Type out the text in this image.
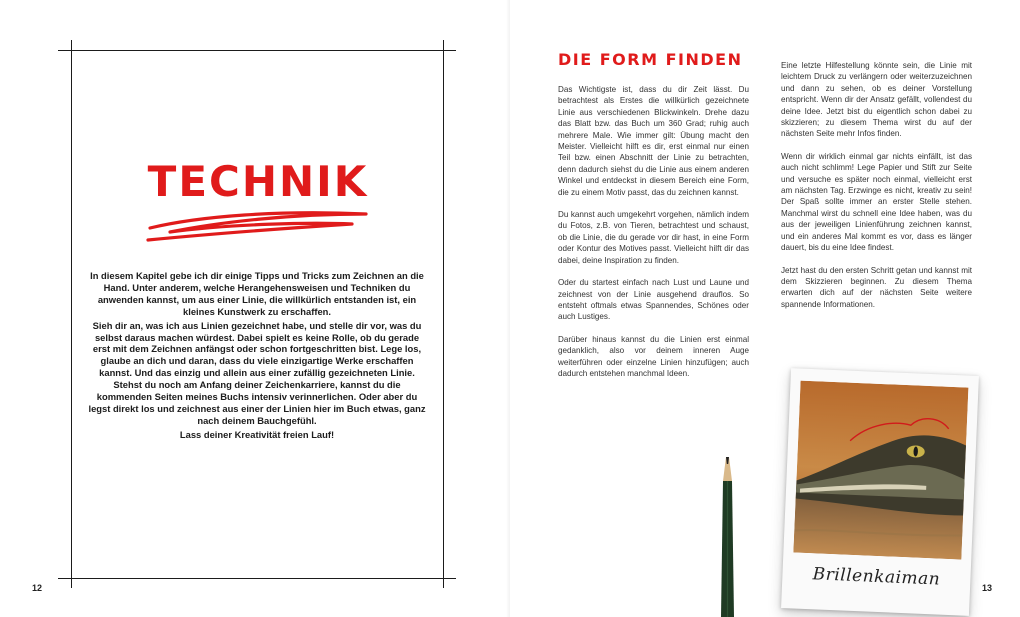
TECHNIK

In diesem Kapitel gebe ich dir einige Tipps und Tricks zum Zeichnen an die Hand. Unter anderem, welche Herangehensweisen und Techniken du anwenden kannst, um aus einer Linie, die willkürlich entstanden ist, ein kleines Kunstwerk zu erschaffen.

Sieh dir an, was ich aus Linien gezeichnet habe, und stelle dir vor, was du selbst daraus machen würdest. Dabei spielt es keine Rolle, ob du gerade erst mit dem Zeichnen anfängst oder schon fortgeschritten bist. Lege los, glaube an dich und daran, dass du viele einzigartige Werke erschaffen kannst. Und das einzig und allein aus einer zufällig gezeichneten Linie. Stehst du noch am Anfang deiner Zeichenkarriere, kannst du die kommenden Seiten meines Buchs intensiv verinnerlichen. Oder aber du legst direkt los und zeichnest aus einer der Linien hier im Buch etwas, ganz nach deinem Bauchgefühl.

Lass deiner Kreativität freien Lauf!

12
DIE FORM FINDEN

Das Wichtigste ist, dass du dir Zeit lässt. Du betrachtest als Erstes die willkürlich gezeichnete Linie aus verschiedenen Blickwinkeln. Drehe dazu das Blatt bzw. das Buch um 360 Grad; ruhig auch mehrere Male. Wie immer gilt: Übung macht den Meister. Vielleicht hilft es dir, erst einmal nur einen Teil bzw. einen Abschnitt der Linie zu betrachten, denn dadurch siehst du die Linie aus einem anderen Winkel und entdeckst in diesem Bereich eine Form, die zu einem Motiv passt, das du zeichnen kannst.

Du kannst auch umgekehrt vorgehen, nämlich indem du Fotos, z.B. von Tieren, betrachtest und schaust, ob die Linie, die du gerade vor dir hast, in eine Form oder Kontur des Motives passt. Vielleicht hilft dir das dabei, deine Inspiration zu finden.

Oder du startest einfach nach Lust und Laune und zeichnest von der Linie ausgehend drauflos. So entsteht oftmals etwas Spannendes, Schönes oder auch Lustiges.

Darüber hinaus kannst du die Linien erst einmal gedanklich, also vor deinem inneren Auge weiterführen oder einzelne Linien hinzufügen; auch dadurch entstehen manchmal Ideen.

Eine letzte Hilfestellung könnte sein, die Linie mit leichtem Druck zu verlängern oder weiterzuzeichnen und dann zu sehen, ob es deiner Vorstellung entspricht. Wenn dir der Ansatz gefällt, vollendest du deine Idee. Jetzt bist du eigentlich schon dabei zu skizzieren; zu diesem Thema wirst du auf der nächsten Seite mehr Infos finden.

Wenn dir wirklich einmal gar nichts einfällt, ist das auch nicht schlimm! Lege Papier und Stift zur Seite und versuche es später noch einmal, vielleicht erst am nächsten Tag. Erzwinge es nicht, kreativ zu sein! Der Spaß sollte immer an erster Stelle stehen. Manchmal wirst du schnell eine Idee haben, was du aus der jeweiligen Linienführung zeichnen kannst, und ein anderes Mal kommt es vor, dass es länger dauert, bis du eine Idee findest.

Jetzt hast du den ersten Schritt getan und kannst mit dem Skizzieren beginnen. Zu diesem Thema erwarten dich auf der nächsten Seite weitere spannende Informationen.

Brillenkaiman	13
